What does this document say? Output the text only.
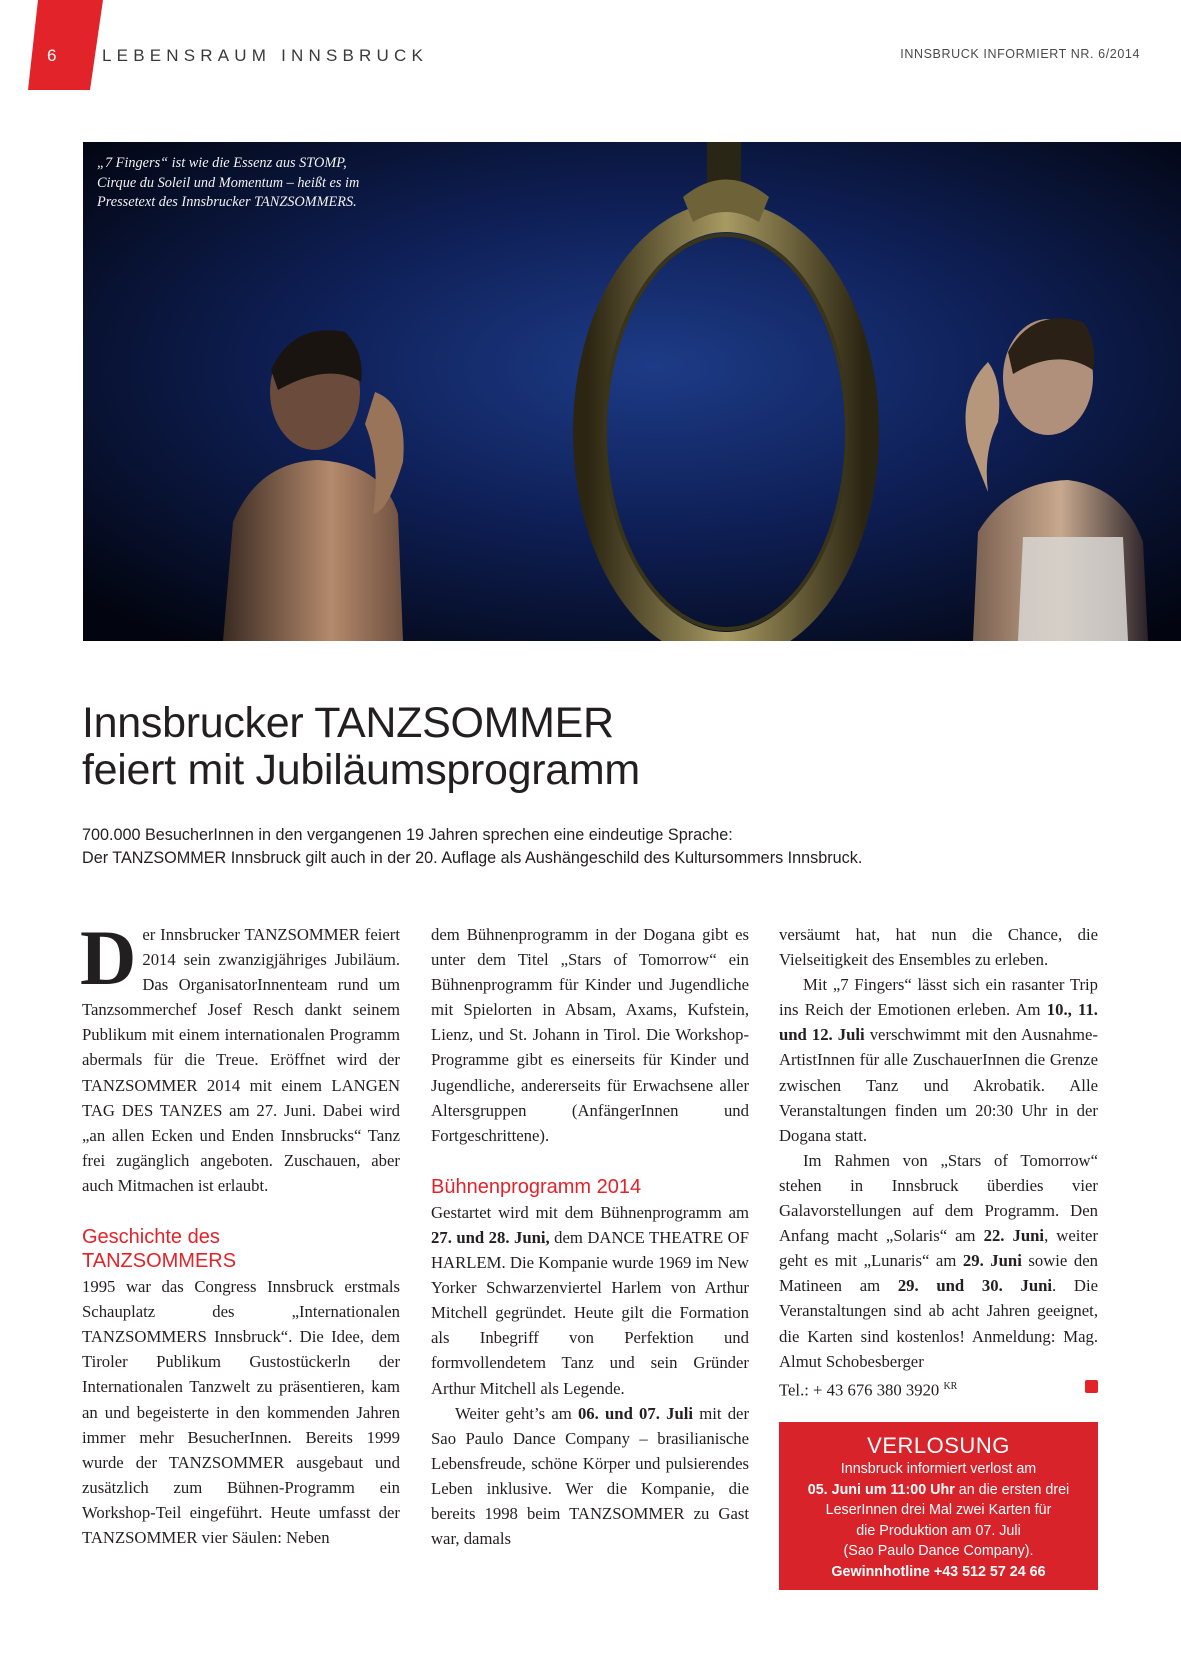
6	LEBENSRAUM INNSBRUCK	INNSBRUCK INFORMIERT NR. 6/2014
„7 Fingers“ ist wie die Essenz aus STOMP,
Cirque du Soleil und Momentum – heißt es im
Pressetext des Innsbrucker TANZSOMMERS.
Innsbrucker TANZSOMMER
feiert mit Jubiläumsprogramm
700.000 BesucherInnen in den vergangenen 19 Jahren sprechen eine eindeutige Sprache:
Der TANZSOMMER Innsbruck gilt auch in der 20. Auflage als Aushängeschild des Kultursommers Innsbruck.

Der Innsbrucker TANZSOMMER feiert 2014 sein zwanzigjähriges Jubiläum. Das OrganisatorInnenteam rund um Tanzsommerchef Josef Resch dankt seinem Publikum mit einem internationalen Programm abermals für die Treue. Eröffnet wird der TANZSOMMER 2014 mit einem LANGEN TAG DES TANZES am 27. Juni. Dabei wird „an allen Ecken und Enden Innsbrucks“ Tanz frei zugänglich angeboten. Zuschauen, aber auch Mitmachen ist erlaubt.

Geschichte des
TANZSOMMERS

1995 war das Congress Innsbruck erstmals Schauplatz des „Internationalen TANZSOMMERS Innsbruck“. Die Idee, dem Tiroler Publikum Gustostückerln der Internationalen Tanzwelt zu präsentieren, kam an und begeisterte in den kommenden Jahren immer mehr BesucherInnen. Bereits 1999 wurde der TANZSOMMER ausgebaut und zusätzlich zum Bühnen-Programm ein Workshop-Teil eingeführt. Heute umfasst der TANZSOMMER vier Säulen: Neben

dem Bühnenprogramm in der Dogana gibt es unter dem Titel „Stars of Tomorrow“ ein Bühnenprogramm für Kinder und Jugendliche mit Spielorten in Absam, Axams, Kufstein, Lienz, und St. Johann in Tirol. Die Workshop-Programme gibt es einerseits für Kinder und Jugendliche, andererseits für Erwachsene aller Altersgruppen (AnfängerInnen und Fortgeschrittene).

Bühnenprogramm 2014

Gestartet wird mit dem Bühnenprogramm am 27. und 28. Juni, dem DANCE THEATRE OF HARLEM. Die Kompanie wurde 1969 im New Yorker Schwarzenviertel Harlem von Arthur Mitchell gegründet. Heute gilt die Formation als Inbegriff von Perfektion und formvollendetem Tanz und sein Gründer Arthur Mitchell als Legende.

Weiter geht’s am 06. und 07. Juli mit der Sao Paulo Dance Company – brasilianische Lebensfreude, schöne Körper und pulsierendes Leben inklusive. Wer die Kompanie, die bereits 1998 beim TANZSOMMER zu Gast war, damals

versäumt hat, hat nun die Chance, die Vielseitigkeit des Ensembles zu erleben.

Mit „7 Fingers“ lässt sich ein rasanter Trip ins Reich der Emotionen erleben. Am 10., 11. und 12. Juli verschwimmt mit den Ausnahme-ArtistInnen für alle ZuschauerInnen die Grenze zwischen Tanz und Akrobatik. Alle Veranstaltungen finden um 20:30 Uhr in der Dogana statt.

Im Rahmen von „Stars of Tomorrow“ stehen in Innsbruck überdies vier Galavorstellungen auf dem Programm. Den Anfang macht „Solaris“ am 22. Juni, weiter geht es mit „Lunaris“ am 29. Juni sowie den Matineen am 29. und 30. Juni. Die Veranstaltungen sind ab acht Jahren geeignet, die Karten sind kostenlos! Anmeldung: Mag. Almut Schobesberger

Tel.: + 43 676 380 3920 $^{KR}$

VERLOSUNG
Innsbruck informiert verlost am
05. Juni um 11:00 Uhr an die ersten drei
LeserInnen drei Mal zwei Karten für
die Produktion am 07. Juli
(Sao Paulo Dance Company).
Gewinnhotline +43 512 57 24 66
